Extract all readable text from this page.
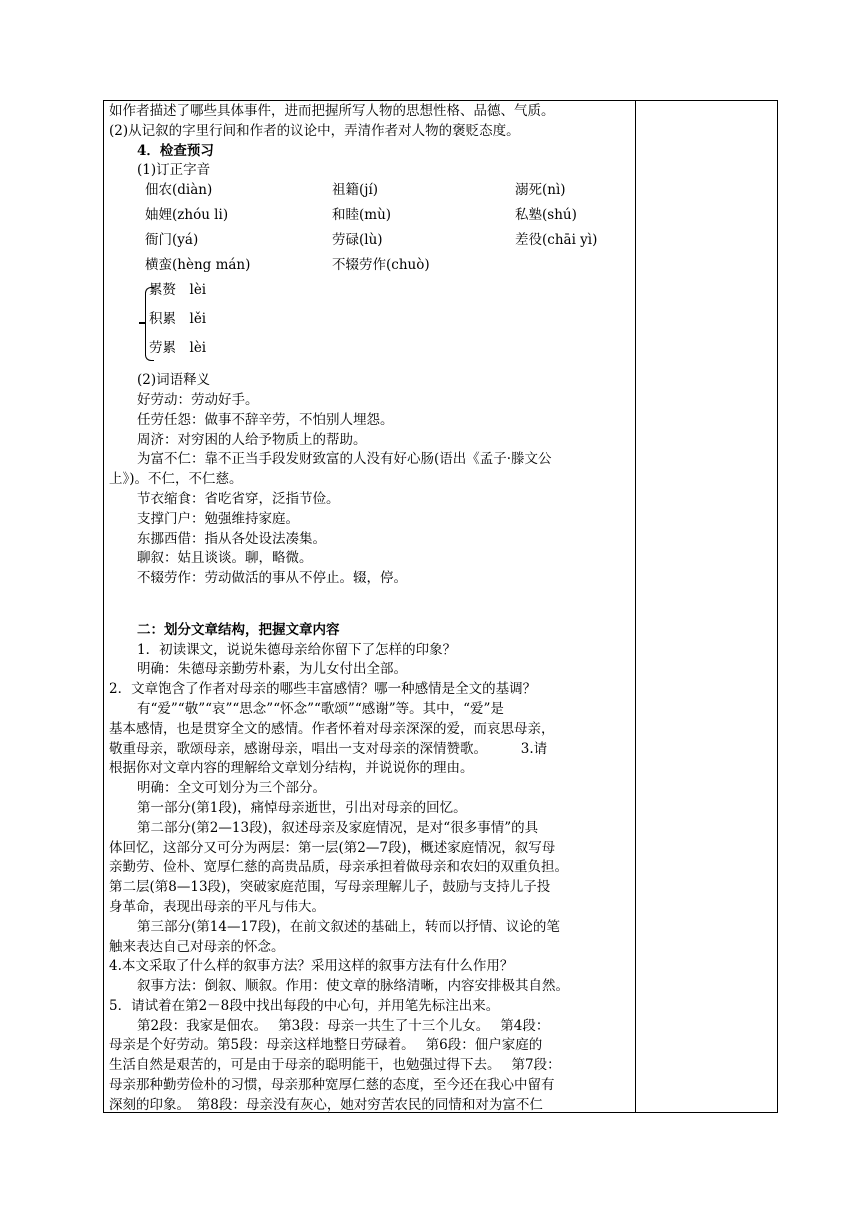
如作者描述了哪些具体事件，进而把握所写人物的思想性格、品德、气质。
(2)从记叙的字里行间和作者的议论中，弄清作者对人物的褒贬态度。
4．检查预习
(1)订正字音
佃农(diàn)	祖籍(jí)	溺死(nì)
妯娌(zhóu li)	和睦(mù)	私塾(shú)
衙门(yá)	劳碌(lù)	差役(chāi yì)
横蛮(hèng mán)	不辍劳作(chuò)
累赘　lèi
积累　lěi
劳累　lèi
(2)词语释义
好劳动：劳动好手。
任劳任怨：做事不辞辛劳，不怕别人埋怨。
周济：对穷困的人给予物质上的帮助。
为富不仁：靠不正当手段发财致富的人没有好心肠(语出《孟子·滕文公
上》)。不仁，不仁慈。
节衣缩食：省吃省穿，泛指节俭。
支撑门户：勉强维持家庭。
东挪西借：指从各处设法凑集。
聊叙：姑且谈谈。聊，略微。
不辍劳作：劳动做活的事从不停止。辍，停。
二：划分文章结构，把握文章内容
1．初读课文，说说朱德母亲给你留下了怎样的印象？
明确：朱德母亲勤劳朴素，为儿女付出全部。
2．文章饱含了作者对母亲的哪些丰富感情？哪一种感情是全文的基调？
有“爱”“敬”“哀”“思念”“怀念”“歌颂”“感谢”等。其中，“爱”是
基本感情，也是贯穿全文的感情。作者怀着对母亲深深的爱，而哀思母亲，
敬重母亲，歌颂母亲，感谢母亲，唱出一支对母亲的深情赞歌。　　　3.请
根据你对文章内容的理解给文章划分结构，并说说你的理由。
明确：全文可划分为三个部分。
第一部分(第1段)，痛悼母亲逝世，引出对母亲的回忆。
第二部分(第2—13段)，叙述母亲及家庭情况，是对“很多事情”的具
体回忆，这部分又可分为两层：第一层(第2—7段)，概述家庭情况，叙写母
亲勤劳、俭朴、宽厚仁慈的高贵品质，母亲承担着做母亲和农妇的双重负担。
第二层(第8—13段)，突破家庭范围，写母亲理解儿子，鼓励与支持儿子投
身革命，表现出母亲的平凡与伟大。
第三部分(第14—17段)，在前文叙述的基础上，转而以抒情、议论的笔
触来表达自己对母亲的怀念。
4.本文采取了什么样的叙事方法？采用这样的叙事方法有什么作用？
叙事方法：倒叙、顺叙。作用：使文章的脉络清晰，内容安排极其自然。
5．请试着在第2－8段中找出每段的中心句，并用笔先标注出来。
第2段：我家是佃农。　 第3段：母亲一共生了十三个儿女。　 第4段：
母亲是个好劳动。第5段：母亲这样地整日劳碌着。　 第6段：佃户家庭的
生活自然是艰苦的，可是由于母亲的聪明能干，也勉强过得下去。　 第7段：
母亲那种勤劳俭朴的习惯，母亲那种宽厚仁慈的态度，至今还在我心中留有
深刻的印象。　第8段：母亲没有灰心，她对穷苦农民的同情和对为富不仁
